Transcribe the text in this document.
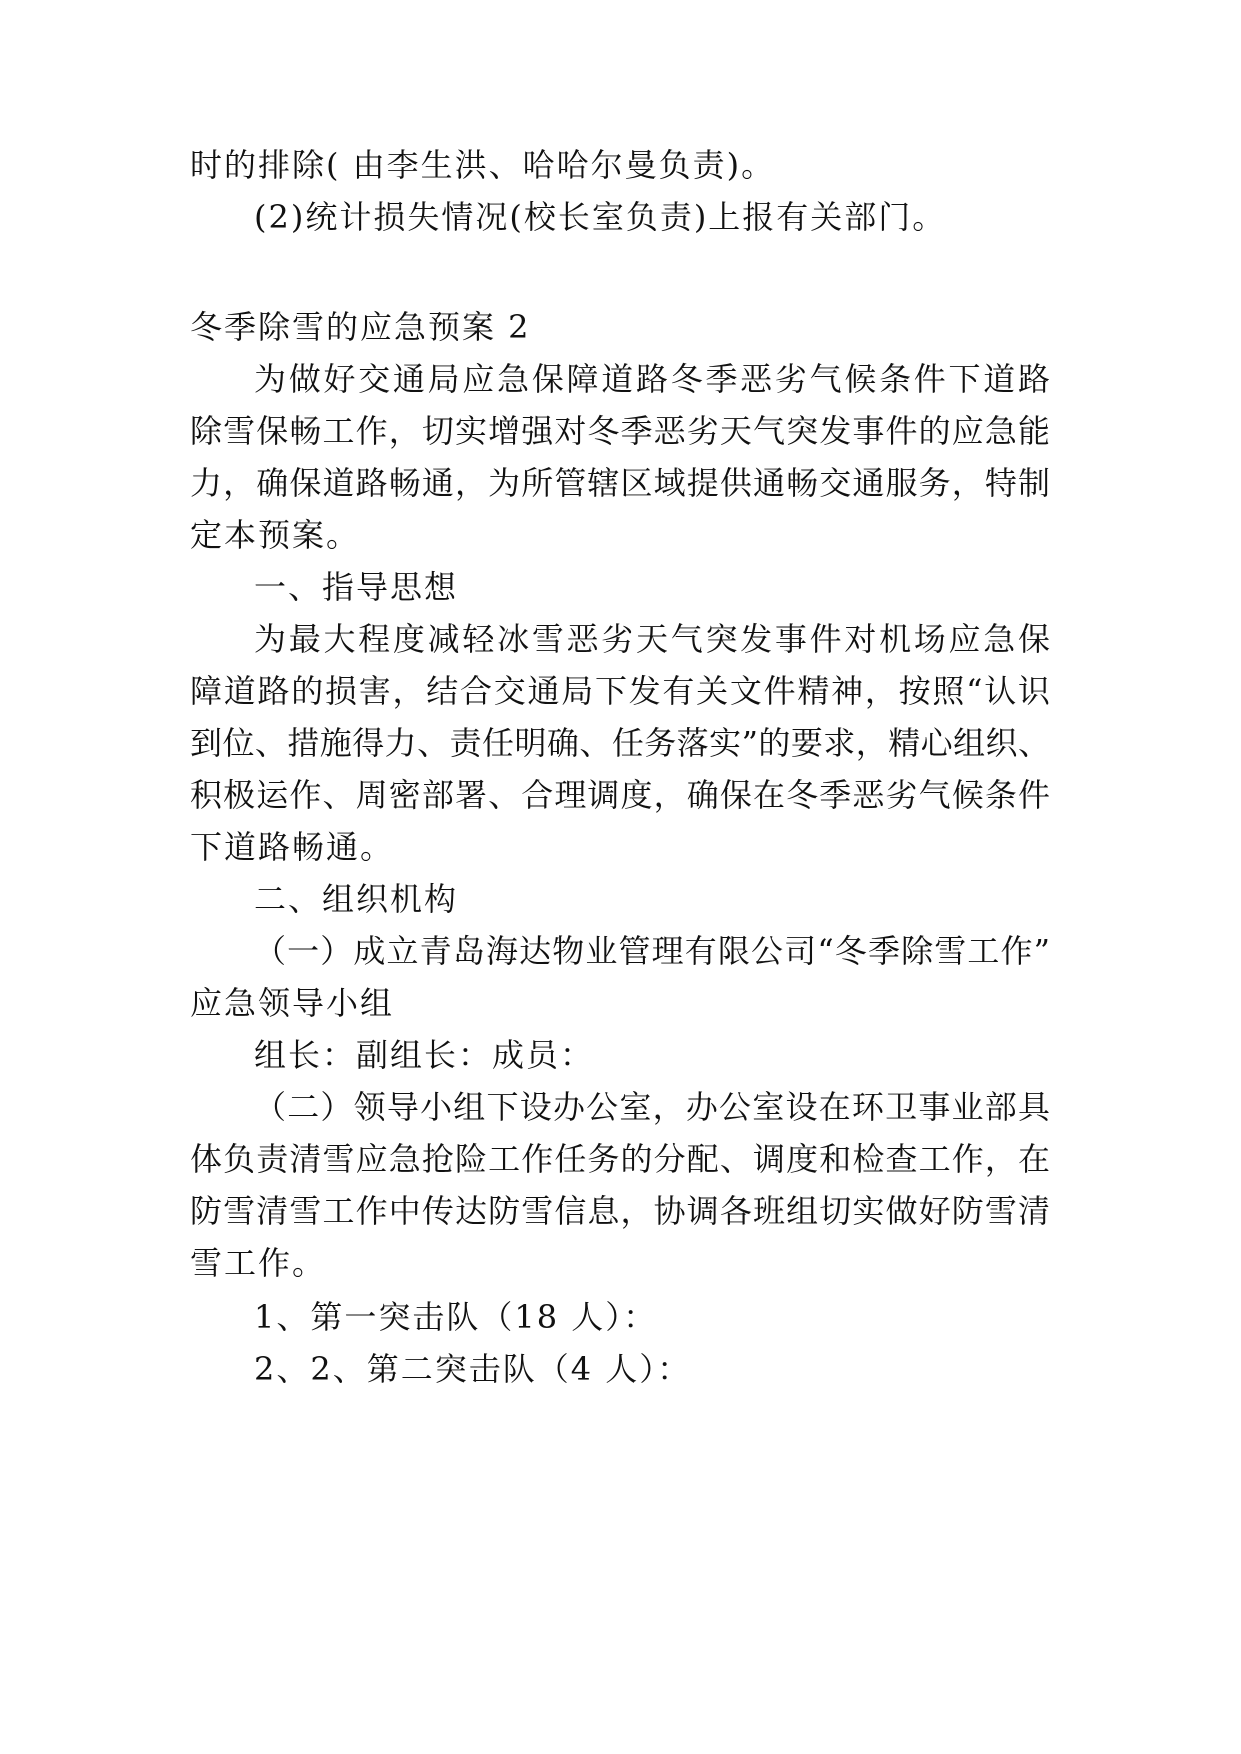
时的排除( 由李生洪、哈哈尔曼负责)。
(2)统计损失情况(校长室负责)上报有关部门。
冬季除雪的应急预案 2
为做好交通局应急保障道路冬季恶劣气候条件下道路
除雪保畅工作，切实增强对冬季恶劣天气突发事件的应急能
力，确保道路畅通，为所管辖区域提供通畅交通服务，特制
定本预案。
一、指导思想
为最大程度减轻冰雪恶劣天气突发事件对机场应急保
障道路的损害，结合交通局下发有关文件精神，按照“认识
到位、措施得力、责任明确、任务落实”的要求，精心组织、
积极运作、周密部署、合理调度，确保在冬季恶劣气候条件
下道路畅通。
二、组织机构
（一）成立青岛海达物业管理有限公司“冬季除雪工作”
应急领导小组
组长：副组长：成员：
（二）领导小组下设办公室，办公室设在环卫事业部具
体负责清雪应急抢险工作任务的分配、调度和检查工作，在
防雪清雪工作中传达防雪信息，协调各班组切实做好防雪清
雪工作。
1、第一突击队（18 人）：
2、2、第二突击队（4 人）：
